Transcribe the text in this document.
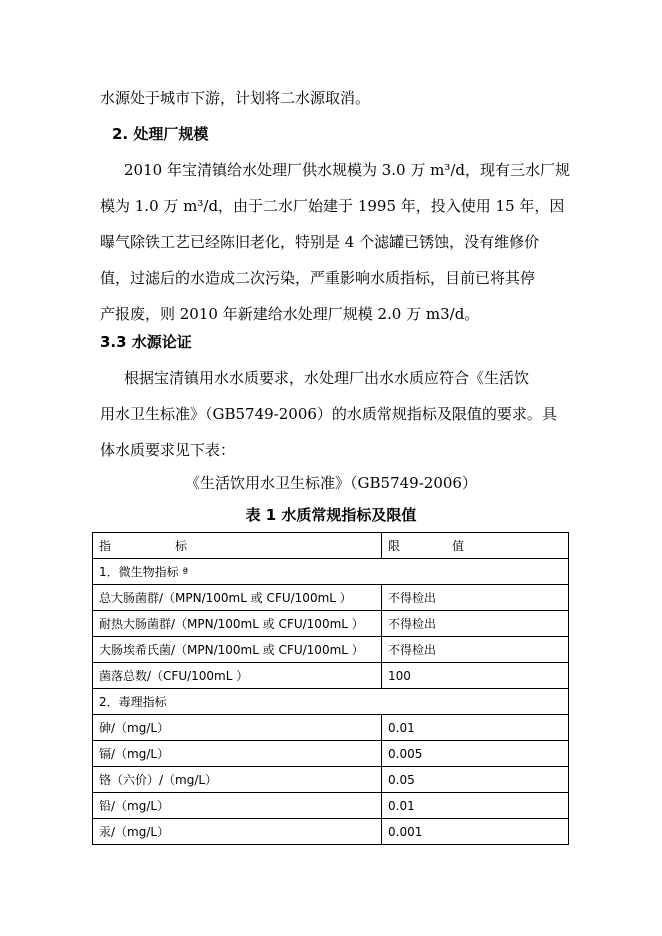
水源处于城市下游，计划将二水源取消。
2. 处理厂规模
2010 年宝清镇给水处理厂供水规模为 3.0 万 m³/d，现有三水厂规
模为 1.0 万 m³/d，由于二水厂始建于 1995 年，投入使用 15 年，因
曝气除铁工艺已经陈旧老化，特别是 4 个滤罐已锈蚀，没有维修价
值，过滤后的水造成二次污染，严重影响水质指标，目前已将其停
产报废，则 2010 年新建给水处理厂规模 2.0 万 m3/d。
3.3 水源论证
根据宝清镇用水水质要求，水处理厂出水水质应符合《生活饮
用水卫生标准》（GB5749-2006）的水质常规指标及限值的要求。具
体水质要求见下表：
《生活饮用水卫生标准》（GB5749-2006）
表 1 水质常规指标及限值
指 标	限 值
1．微生物指标 ª	
总大肠菌群/（MPN/100mL 或 CFU/100mL ）	不得检出
耐热大肠菌群/（MPN/100mL 或 CFU/100mL ）	不得检出
大肠埃希氏菌/（MPN/100mL 或 CFU/100mL ）	不得检出
菌落总数/（CFU/100mL ）	100
2．毒理指标	
砷/（mg/L）	0.01
镉/（mg/L）	0.005
铬（六价）/（mg/L）	0.05
铅/（mg/L）	0.01
汞/（mg/L）	0.001
